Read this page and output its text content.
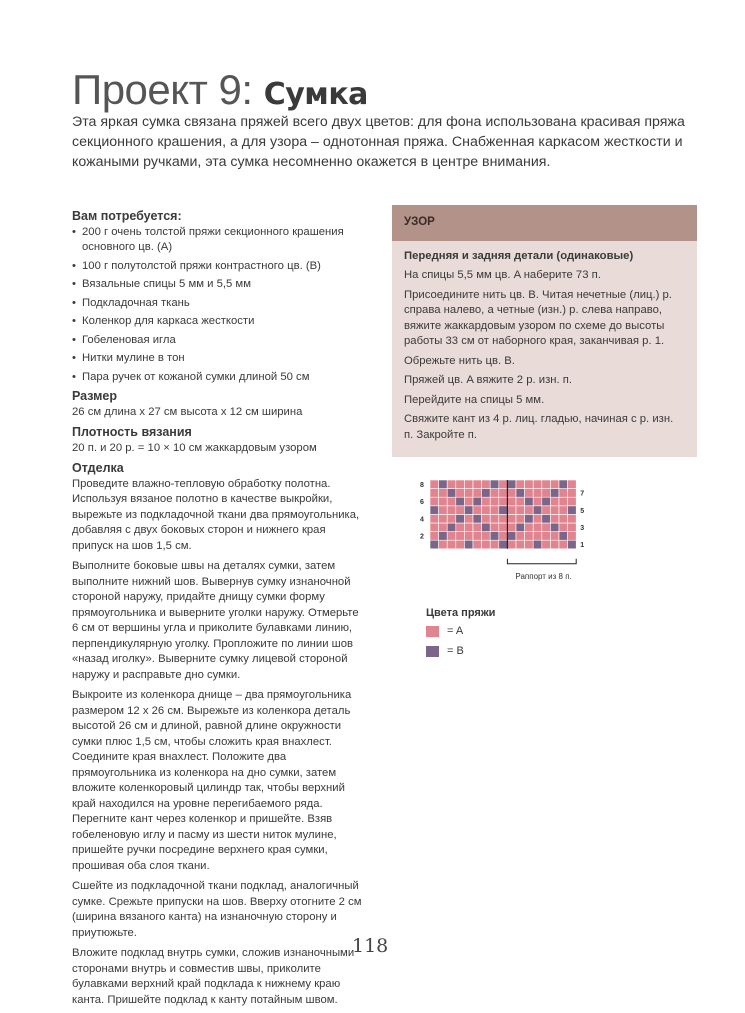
Проект 9: Сумка
Эта яркая сумка связана пряжей всего двух цветов: для фона использована красивая пряжа секционного крашения, а для узора – однотонная пряжа. Снабженная каркасом жесткости и кожаными ручками, эта сумка несомненно окажется в центре внимания.
Вам потребуется:
• 200 г очень толстой пряжи секционного крашения основного цв. (A)
• 100 г полутолстой пряжи контрастного цв. (B)
• Вязальные спицы 5 мм и 5,5 мм
• Подкладочная ткань
• Коленкор для каркаса жесткости
• Гобеленовая игла
• Нитки мулине в тон
• Пара ручек от кожаной сумки длиной 50 см
Размер

26 см длина x 27 см высота x 12 см ширина

Плотность вязания

20 п. и 20 р. = 10 × 10 см жаккардовым узором

Отделка

Проведите влажно-тепловую обработку полотна. Используя вязаное полотно в качестве выкройки, вырежьте из подкладочной ткани два прямоугольника, добавляя с двух боковых сторон и нижнего края припуск на шов 1,5 см.

Выполните боковые швы на деталях сумки, затем выполните нижний шов. Вывернув сумку изнаночной стороной наружу, придайте днищу сумки форму прямоугольника и выверните уголки наружу. Отмерьте 6 см от вершины угла и приколите булавками линию, перпендикулярную уголку. Пропложите по линии шов «назад иголку». Выверните сумку лицевой стороной наружу и расправьте дно сумки.

Выкроите из коленкора днище – два прямоугольника размером 12 x 26 см. Вырежьте из коленкора деталь высотой 26 см и длиной, равной длине окружности сумки плюс 1,5 см, чтобы сложить края внахлест. Соедините края внахлест. Положите два прямоугольника из коленкора на дно сумки, затем вложите коленкоровый цилиндр так, чтобы верхний край находился на уровне перегибаемого ряда. Перегните кант через коленкор и пришейте. Взяв гобеленовую иглу и пасму из шести ниток мулине, пришейте ручки посредине верхнего края сумки, прошивая оба слоя ткани.

Сшейте из подкладочной ткани подклад, аналогичный сумке. Срежьте припуски на шов. Вверху отогните 2 см (ширина вязаного канта) на изнаночную сторону и приутюжьте.

Вложите подклад внутрь сумки, сложив изнаночными сторонами внутрь и совместив швы, приколите булавками верхний край подклада к нижнему краю канта. Пришейте подклад к канту потайным швом.

УЗОР

Передняя и задняя детали (одинаковые)

На спицы 5,5 мм цв. A наберите 73 п.

Присоедините нить цв. B. Читая нечетные (лиц.) р. справа налево, а четные (изн.) р. слева направо, вяжите жаккардовым узором по схеме до высоты работы 33 см от наборного края, заканчивая р. 1.

Обрежьте нить цв. B.

Пряжей цв. A вяжите 2 р. изн. п.

Перейдите на спицы 5 мм.

Свяжите кант из 4 р. лиц. гладью, начиная с р. изн. п. Закройте п.

2
4
6
8
1
3
5
7
Раппорт из 8 п.
Цвета пряжи
= A
= B
118
